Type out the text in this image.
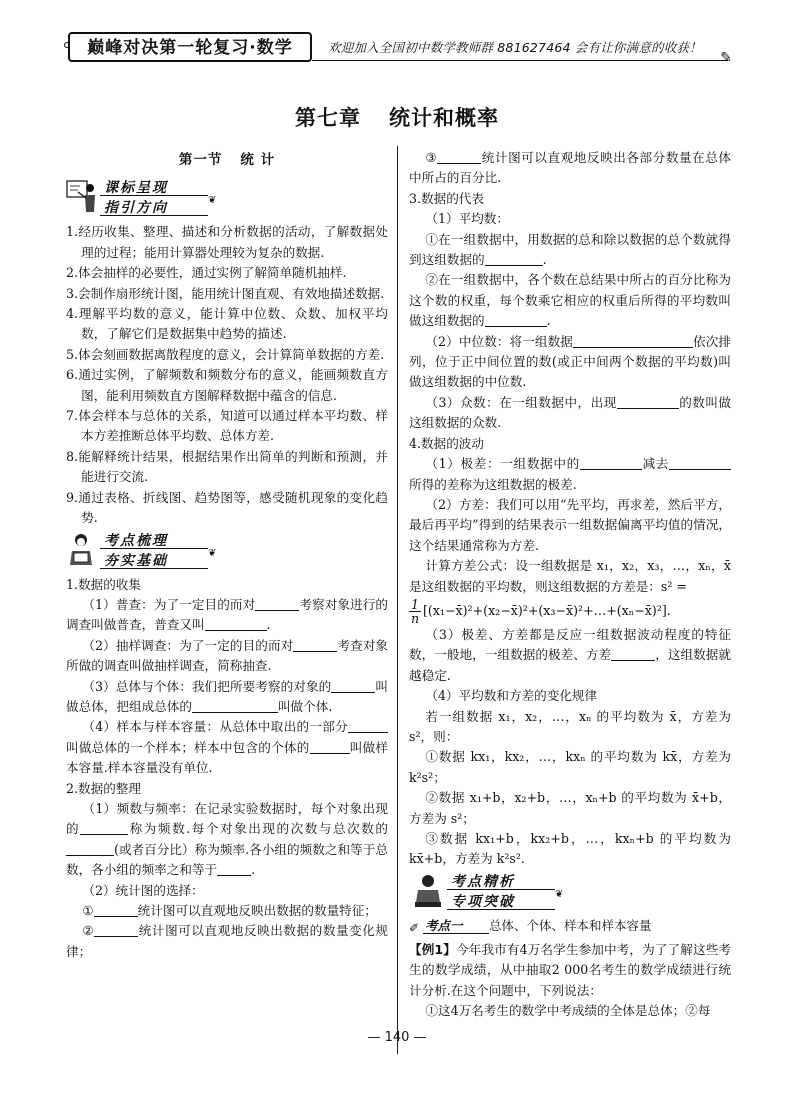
巅峰对决第一轮复习·数学	欢迎加入全国初中数学教师群 881627464 会有让你满意的收获！
✎
第七章 统计和概率
第一节 统 计
课标呈现
指引方向	❦

1.经历收集、整理、描述和分析数据的活动，了解数据处理的过程；能用计算器处理较为复杂的数据.

2.体会抽样的必要性，通过实例了解简单随机抽样.

3.会制作扇形统计图，能用统计图直观、有效地描述数据.

4.理解平均数的意义，能计算中位数、众数、加权平均数，了解它们是数据集中趋势的描述.

5.体会刻画数据离散程度的意义，会计算简单数据的方差.

6.通过实例，了解频数和频数分布的意义，能画频数直方图，能利用频数直方图解释数据中蕴含的信息.

7.体会样本与总体的关系，知道可以通过样本平均数、样本方差推断总体平均数、总体方差.

8.能解释统计结果，根据结果作出简单的判断和预测，并能进行交流.

9.通过表格、折线图、趋势图等，感受随机现象的变化趋势.

考点梳理
夯实基础	❦

1.数据的收集

（1）普查：为了一定目的而对	考察对象进行的调查叫做普查，普查又叫	.

（2）抽样调查：为了一定的目的而对	考查对象所做的调查叫做抽样调查，简称抽查.

（3）总体与个体：我们把所要考察的对象的	叫做总体，把组成总体的	叫做个体.

（4）样本与样本容量：从总体中取出的一部分叫做总体的一个样本；样本中包含的个体的	叫做样本容量.样本容量没有单位.

2.数据的整理

（1）频数与频率：在记录实验数据时，每个对象出现的	称为频数.每个对象出现的次数与总次数的(或者百分比）称为频率.各小组的频数之和等于总数，各小组的频率之和等于	.

（2）统计图的选择：

①	统计图可以直观地反映出数据的数量特征；

②	统计图可以直观地反映出数据的数量变化规律；

③	统计图可以直观地反映出各部分数量在总体中所占的百分比.

3.数据的代表

（1）平均数：

①在一组数据中，用数据的总和除以数据的总个数就得到这组数据的	.

②在一组数据中，各个数在总结果中所占的百分比称为这个数的权重，每个数乘它相应的权重后所得的平均数叫做这组数据的	.

（2）中位数：将一组数据	依次排列，位于正中间位置的数(或正中间两个数据的平均数)叫做这组数据的中位数.

（3）众数：在一组数据中，出现	的数叫做这组数据的众数.

4.数据的波动

（1）极差：一组数据中的	减去所得的差称为这组数据的极差.

（2）方差：我们可以用“先平均，再求差，然后平方，最后再平均”得到的结果表示一组数据偏离平均值的情况，这个结果通常称为方差.

计算方差公式：设一组数据是 x₁，x₂，x₃，…，xₙ，x̄ 是这组数据的平均数，则这组数据的方差是：s² =

$\frac{1}{n}$ [(x₁−x̄)²+(x₂−x̄)²+(x₃−x̄)²+…+(xₙ−x̄)²].

（3）极差、方差都是反应一组数据波动程度的特征数，一般地，一组数据的极差、方差	，这组数据就越稳定.

（4）平均数和方差的变化规律

若一组数据 x₁，x₂，…，xₙ 的平均数为 x̄，方差为 s²，则：

①数据 kx₁，kx₂，…，kxₙ 的平均数为 kx̄，方差为 k²s²；

②数据 x₁+b，x₂+b，…，xₙ+b 的平均数为 x̄+b，方差为 s²；

③数据 kx₁+b，kx₂+b，…，kxₙ+b 的平均数为 kx̄+b，方差为 k²s².

考点精析
专项突破	❦
✐ 考点一 总体、个体、样本和样本容量

【例1】今年我市有4万名学生参加中考，为了了解这些考生的数学成绩，从中抽取2 000名考生的数学成绩进行统计分析.在这个问题中，下列说法：

①这4万名考生的数学中考成绩的全体是总体；②每

— 140 —
